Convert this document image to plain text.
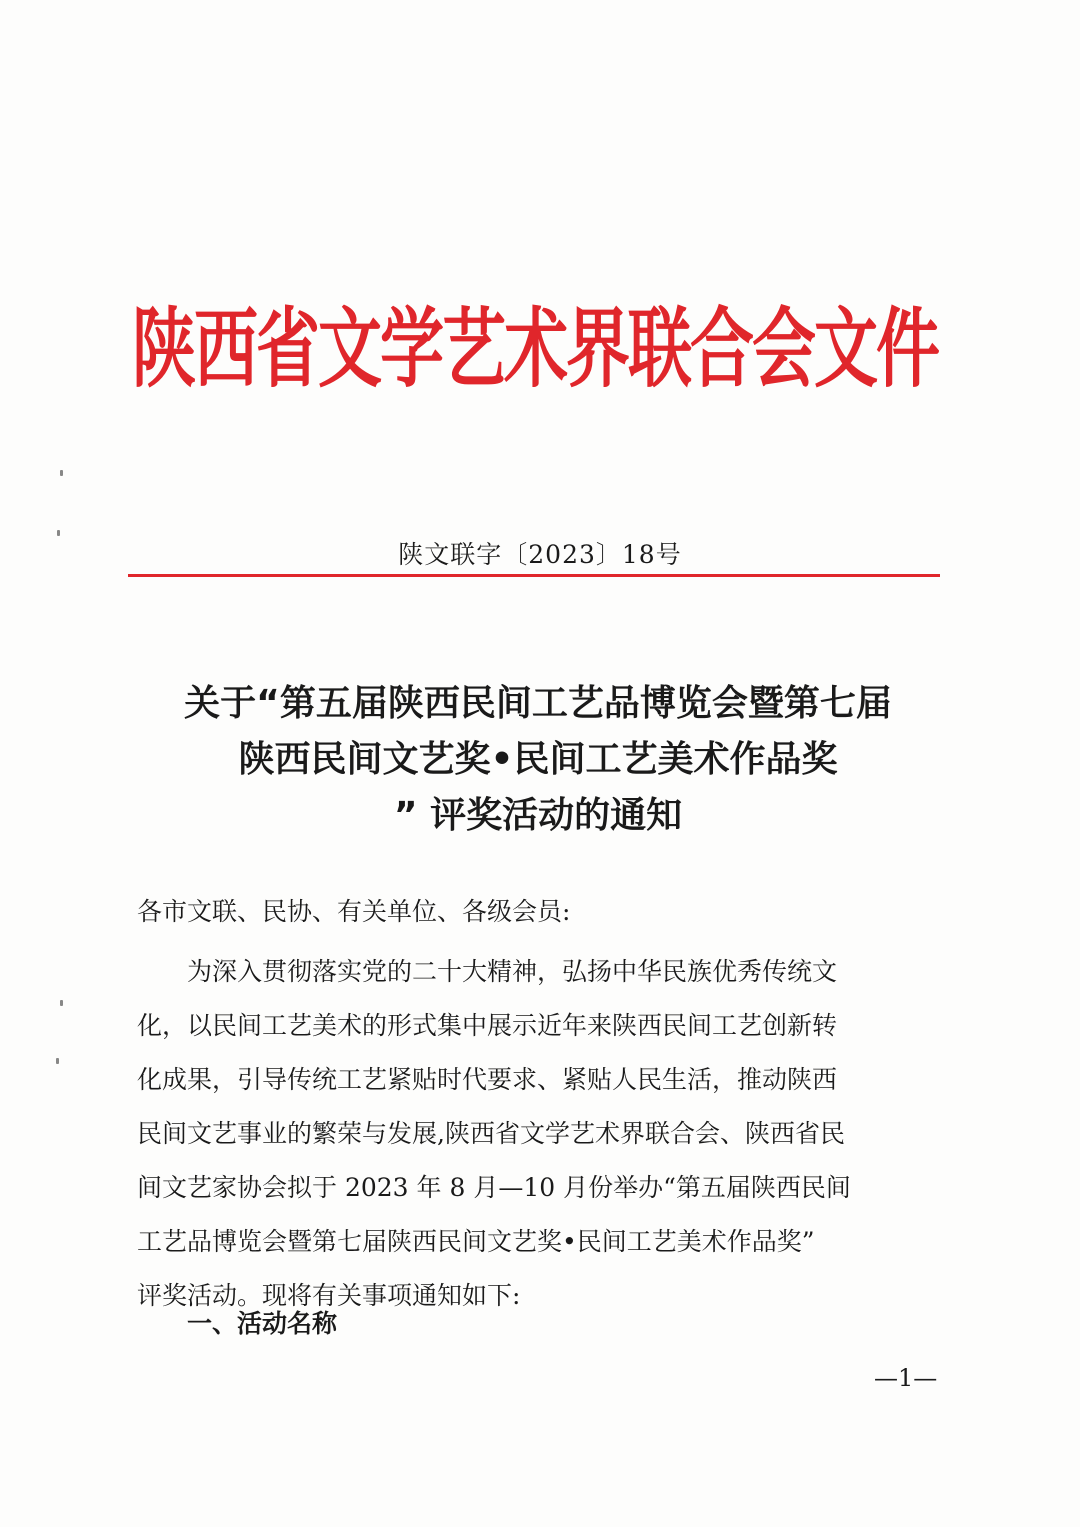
陕西省文学艺术界联合会文件
陕文联字〔2023〕18号
关于“第五届陕西民间工艺品博览会暨第七届
陕西民间文艺奖•民间工艺美术作品奖
” 评奖活动的通知
各市文联、民协、有关单位、各级会员:
为深入贯彻落实党的二十大精神，弘扬中华民族优秀传统文
化，以民间工艺美术的形式集中展示近年来陕西民间工艺创新转
化成果，引导传统工艺紧贴时代要求、紧贴人民生活，推动陕西
民间文艺事业的繁荣与发展,陕西省文学艺术界联合会、陕西省民
间文艺家协会拟于 2023 年 8 月—10 月份举办“第五届陕西民间
工艺品博览会暨第七届陕西民间文艺奖•民间工艺美术作品奖”
评奖活动。现将有关事项通知如下:
一、活动名称
—1—
